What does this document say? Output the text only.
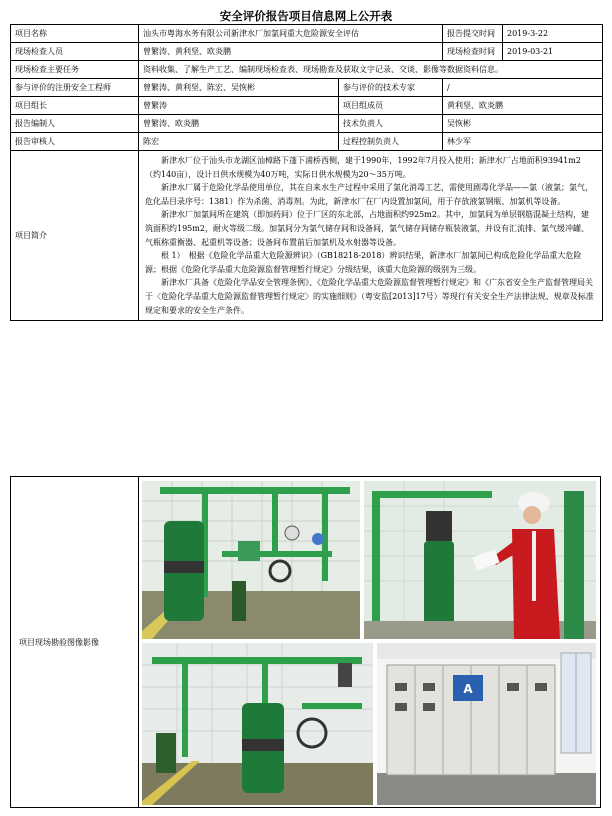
安全评价报告项目信息网上公开表
项目名称	汕头市粤海水务有限公司新津水厂加氯间重大危险源安全评估		报告提交时间	2019-3-22
现场检查人员	曾繁涛、黄利坚、欧炎鹏		现场检查时间	2019-03-21
现场检查主要任务	资料收集、了解生产工艺、编制现场检查表、现场勘查及获取文字记录、交谈、影像等数据资料信息。			
参与评价的注册安全工程师	曾繁涛、黄利坚、陈宏、吴恢彬	参与评价的技术专家	/	
项目组长	曾繁涛	项目组成员	黄利坚、欧炎鹏	
报告编制人	曾繁涛、欧炎鹏	技术负责人	吴恢彬	
报告审核人	陈宏	过程控制负责人	林少军	
项目简介	新津水厂位于汕头市龙湖区汕樟路下蓬下浦桥西侧，建于1990年，1992年7月投入使用；新津水厂占地面积93941m2（约140亩），设计日供水规模为40万吨，实际日供水规模为20～35万吨。

新津水厂属于危险化学品使用单位，其在自来水生产过程中采用了氯化消毒工艺，需使用剧毒化学品——氯（液氯；氯气，危化品目录序号：1381）作为杀菌、消毒剂。为此，新津水厂在厂内设置加氯间，用于存放液氯钢瓶、加氯机等设备。

新津水厂加氯间所在建筑（即加药间）位于厂区的东北部，占地面积约925m2。其中，加氯间为单层钢筋混凝土结构，建筑面积约195m2，耐火等级二级。加氯间分为氯气储存间和设备间，氯气储存间储存瓶装液氯，并设有汇流排、氯气缓冲罐、气瓶称重衡器、起重机等设备；设备间布置前后加氯机及水射器等设备。

根 1）　根据《危险化学品重大危险源辨识》（GB18218-2018）辨识结果，新津水厂加氯间已构成危险化学品重大危险源；根据《危险化学品重大危险源监督管理暂行规定》分级结果，该重大危险源的级别为三级。

新津水厂具备《危险化学品安全管理条例》、《危险化学品重大危险源监督管理暂行规定》和《广东省安全生产监督管理局关于〈危险化学品重大危险源监督管理暂行规定〉的实施细则》（粤安监[2013]17号）等现行有关安全生产法律法规、规章及标准规定和要求的安全生产条件。			

项目现场勘验图像影像
A
